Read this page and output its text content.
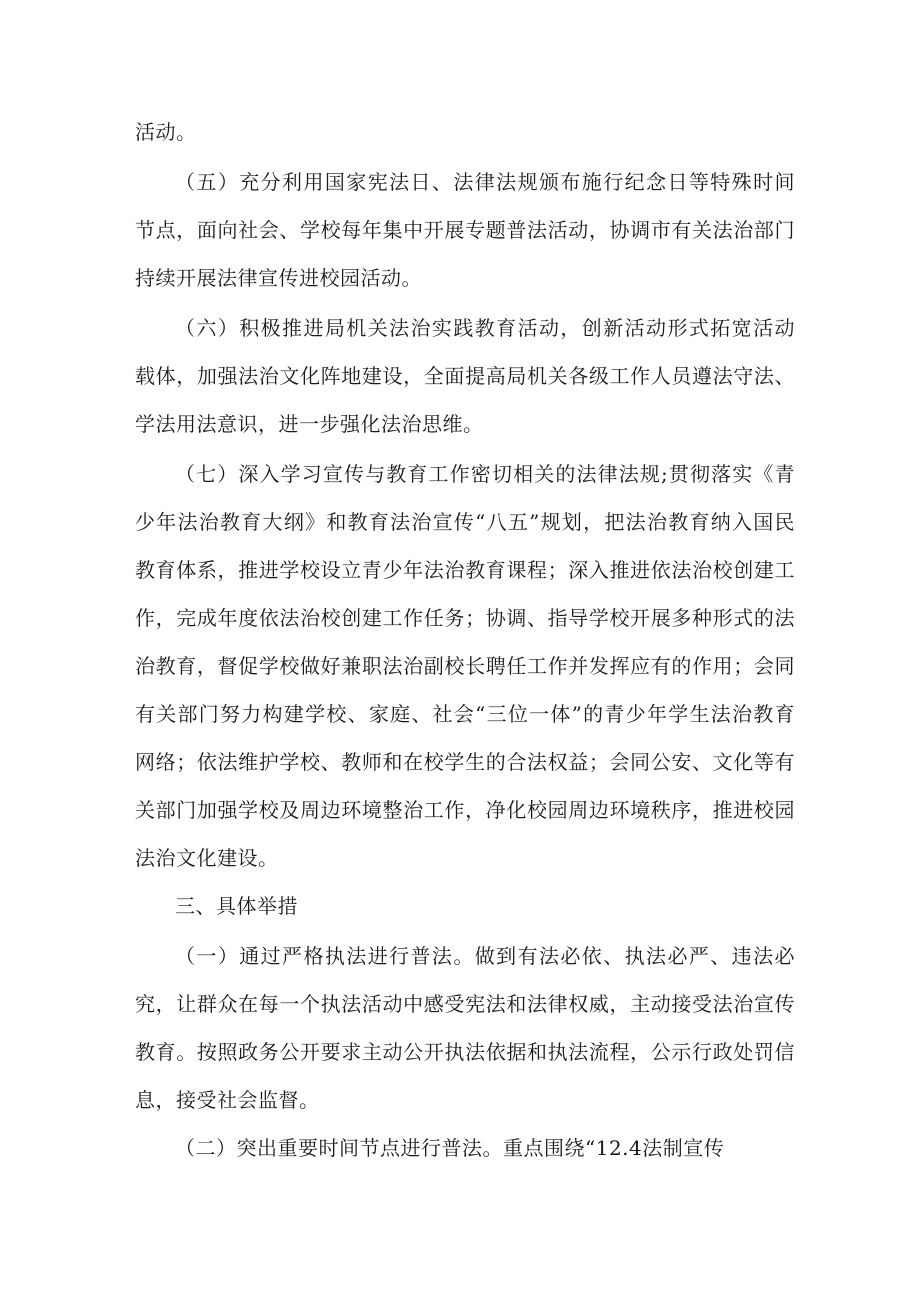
活动。
（五）充分利用国家宪法日、法律法规颁布施行纪念日等特殊时间
节点，面向社会、学校每年集中开展专题普法活动，协调市有关法治部门
持续开展法律宣传进校园活动。
（六）积极推进局机关法治实践教育活动，创新活动形式拓宽活动
载体，加强法治文化阵地建设，全面提高局机关各级工作人员遵法守法、
学法用法意识，进一步强化法治思维。
（七）深入学习宣传与教育工作密切相关的法律法规;贯彻落实《青
少年法治教育大纲》和教育法治宣传“八五”规划，把法治教育纳入国民
教育体系，推进学校设立青少年法治教育课程；深入推进依法治校创建工
作，完成年度依法治校创建工作任务；协调、指导学校开展多种形式的法
治教育，督促学校做好兼职法治副校长聘任工作并发挥应有的作用；会同
有关部门努力构建学校、家庭、社会“三位一体”的青少年学生法治教育
网络；依法维护学校、教师和在校学生的合法权益；会同公安、文化等有
关部门加强学校及周边环境整治工作，净化校园周边环境秩序，推进校园
法治文化建设。
三、具体举措
（一）通过严格执法进行普法。做到有法必依、执法必严、违法必
究，让群众在每一个执法活动中感受宪法和法律权威，主动接受法治宣传
教育。按照政务公开要求主动公开执法依据和执法流程，公示行政处罚信
息，接受社会监督。
（二）突出重要时间节点进行普法。重点围绕“12.4法制宣传
